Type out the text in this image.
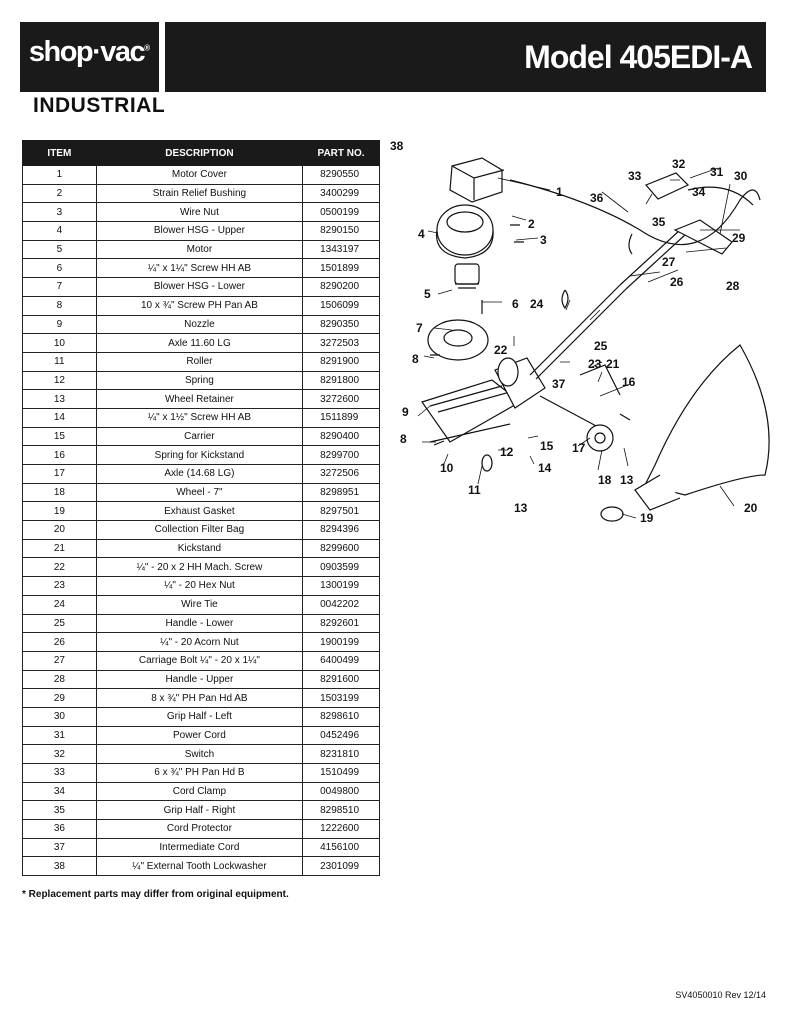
shop·vac®
INDUSTRIAL
Model 405EDI-A
ITEM	DESCRIPTION	PART NO.
1	Motor Cover	8290550
2	Strain Relief Bushing	3400299
3	Wire Nut	0500199
4	Blower HSG - Upper	8290150
5	Motor	1343197
6	¼" x 1¼" Screw HH AB	1501899
7	Blower HSG - Lower	8290200
8	10 x ¾" Screw PH Pan AB	1506099
9	Nozzle	8290350
10	Axle 11.60 LG	3272503
11	Roller	8291900
12	Spring	8291800
13	Wheel Retainer	3272600
14	¼" x 1½" Screw HH AB	1511899
15	Carrier	8290400
16	Spring for Kickstand	8299700
17	Axle (14.68 LG)	3272506
18	Wheel - 7"	8298951
19	Exhaust Gasket	8297501
20	Collection Filter Bag	8294396
21	Kickstand	8299600
22	¼" - 20 x 2 HH Mach. Screw	0903599
23	¼" - 20 Hex Nut	1300199
24	Wire Tie	0042202
25	Handle - Lower	8292601
26	¼" - 20 Acorn Nut	1900199
27	Carriage Bolt ¼" - 20 x 1¼"	6400499
28	Handle - Upper	8291600
29	8 x ¾" PH Pan Hd AB	1503199
30	Grip Half - Left	8298610
31	Power Cord	0452496
32	Switch	8231810
33	6 x ¾" PH Pan Hd B	1510499
34	Cord Clamp	0049800
35	Grip Half - Right	8298510
36	Cord Protector	1222600
37	Intermediate Cord	4156100
38	¼" External Tooth Lockwasher	2301099
* Replacement parts may differ from original equipment.
SV4050010 Rev 12/14
1
2
3
4
5
6
7
8
9
8
10
11
12
13
14
15
16
17
18 13
19
20
21
22
23
24
25
26
27
28
29
30
31
32
33
34
35
36
37
38
